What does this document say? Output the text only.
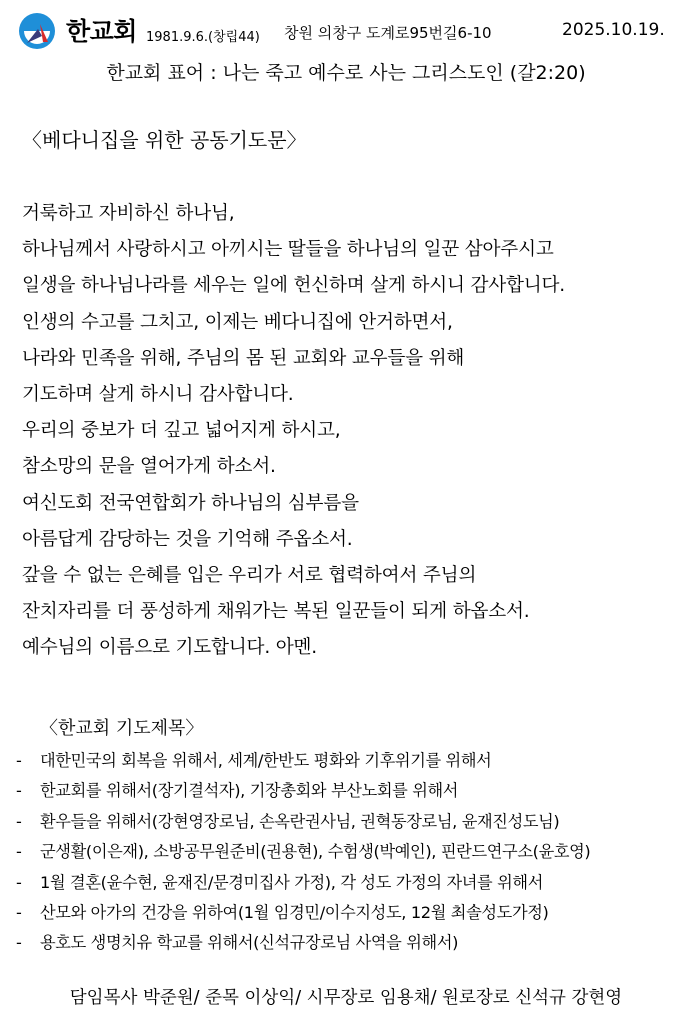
한교회 1981.9.6.(창립44) 창원 의창구 도계로95번길6-10	2025.10.19.
한교회 표어 : 나는 죽고 예수로 사는 그리스도인 (갈2:20)
〈베다니집을 위한 공동기도문〉
거룩하고 자비하신 하나님,
하나님께서 사랑하시고 아끼시는 딸들을 하나님의 일꾼 삼아주시고
일생을 하나님나라를 세우는 일에 헌신하며 살게 하시니 감사합니다.
인생의 수고를 그치고, 이제는 베다니집에 안거하면서,
나라와 민족을 위해, 주님의 몸 된 교회와 교우들을 위해
기도하며 살게 하시니 감사합니다.
우리의 중보가 더 깊고 넓어지게 하시고,
참소망의 문을 열어가게 하소서.
여신도회 전국연합회가 하나님의 심부름을
아름답게 감당하는 것을 기억해 주옵소서.
갚을 수 없는 은혜를 입은 우리가 서로 협력하여서 주님의
잔치자리를 더 풍성하게 채워가는 복된 일꾼들이 되게 하옵소서.
예수님의 이름으로 기도합니다. 아멘.
〈한교회 기도제목〉
- 대한민국의 회복을 위해서, 세계/한반도 평화와 기후위기를 위해서
- 한교회를 위해서(장기결석자), 기장총회와 부산노회를 위해서
- 환우들을 위해서(강현영장로님, 손옥란권사님, 권혁동장로님, 윤재진성도님)
- 군생활(이은재), 소방공무원준비(권용현), 수험생(박예인), 핀란드연구소(윤호영)
- 1월 결혼(윤수현, 윤재진/문경미집사 가정), 각 성도 가정의 자녀를 위해서
- 산모와 아가의 건강을 위하여(1월 임경민/이수지성도, 12월 최솔성도가정)
- 용호도 생명치유 학교를 위해서(신석규장로님 사역을 위해서)
담임목사 박준원/ 준목 이상익/ 시무장로 임용채/ 원로장로 신석규 강현영
